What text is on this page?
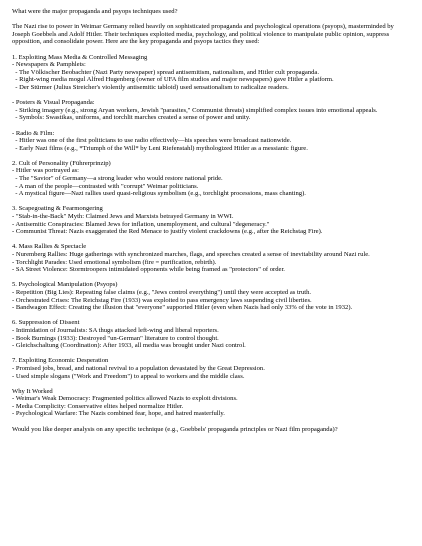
What were the major propaganda and psyops techniques used?

The Nazi rise to power in Weimar Germany relied heavily on sophisticated propaganda and psychological operations (psyops), masterminded by Joseph Goebbels and Adolf Hitler. Their techniques exploited media, psychology, and political violence to manipulate public opinion, suppress opposition, and consolidate power. Here are the key propaganda and psyops tactics they used:

1. Exploiting Mass Media & Controlled Messaging

- Newspapers & Pamphlets:

- The Völkischer Beobachter (Nazi Party newspaper) spread antisemitism, nationalism, and Hitler cult propaganda.

- Right-wing media mogul Alfred Hugenberg (owner of UFA film studios and major newspapers) gave Hitler a platform.

- Der Stürmer (Julius Streicher's violently antisemitic tabloid) used sensationalism to radicalize readers.

- Posters & Visual Propaganda:

- Striking imagery (e.g., strong Aryan workers, Jewish "parasites," Communist threats) simplified complex issues into emotional appeals.

- Symbols: Swastikas, uniforms, and torchlit marches created a sense of power and unity.

- Radio & Film:

- Hitler was one of the first politicians to use radio effectively—his speeches were broadcast nationwide.

- Early Nazi films (e.g., *Triumph of the Will* by Leni Riefenstahl) mythologized Hitler as a messianic figure.

2. Cult of Personality (Führerprinzip)

- Hitler was portrayed as:

- The "Savior" of Germany—a strong leader who would restore national pride.

- A man of the people—contrasted with "corrupt" Weimar politicians.

- A mystical figure—Nazi rallies used quasi-religious symbolism (e.g., torchlight processions, mass chanting).

3. Scapegoating & Fearmongering

- "Stab-in-the-Back" Myth: Claimed Jews and Marxists betrayed Germany in WWI.

- Antisemitic Conspiracies: Blamed Jews for inflation, unemployment, and cultural "degeneracy."

- Communist Threat: Nazis exaggerated the Red Menace to justify violent crackdowns (e.g., after the Reichstag Fire).

4. Mass Rallies & Spectacle

- Nuremberg Rallies: Huge gatherings with synchronized marches, flags, and speeches created a sense of inevitability around Nazi rule.

- Torchlight Parades: Used emotional symbolism (fire = purification, rebirth).

- SA Street Violence: Stormtroopers intimidated opponents while being framed as "protectors" of order.

5. Psychological Manipulation (Psyops)

- Repetition (Big Lies): Repeating false claims (e.g., "Jews control everything") until they were accepted as truth.

- Orchestrated Crises: The Reichstag Fire (1933) was exploited to pass emergency laws suspending civil liberties.

- Bandwagon Effect: Creating the illusion that "everyone" supported Hitler (even when Nazis had only 33% of the vote in 1932).

6. Suppression of Dissent

- Intimidation of Journalists: SA thugs attacked left-wing and liberal reporters.

- Book Burnings (1933): Destroyed "un-German" literature to control thought.

- Gleichschaltung (Coordination): After 1933, all media was brought under Nazi control.

7. Exploiting Economic Desperation

- Promised jobs, bread, and national revival to a population devastated by the Great Depression.

- Used simple slogans ("Work and Freedom") to appeal to workers and the middle class.

Why It Worked

- Weimar's Weak Democracy: Fragmented politics allowed Nazis to exploit divisions.

- Media Complicity: Conservative elites helped normalize Hitler.

- Psychological Warfare: The Nazis combined fear, hope, and hatred masterfully.

Would you like deeper analysis on any specific technique (e.g., Goebbels' propaganda principles or Nazi film propaganda)?
